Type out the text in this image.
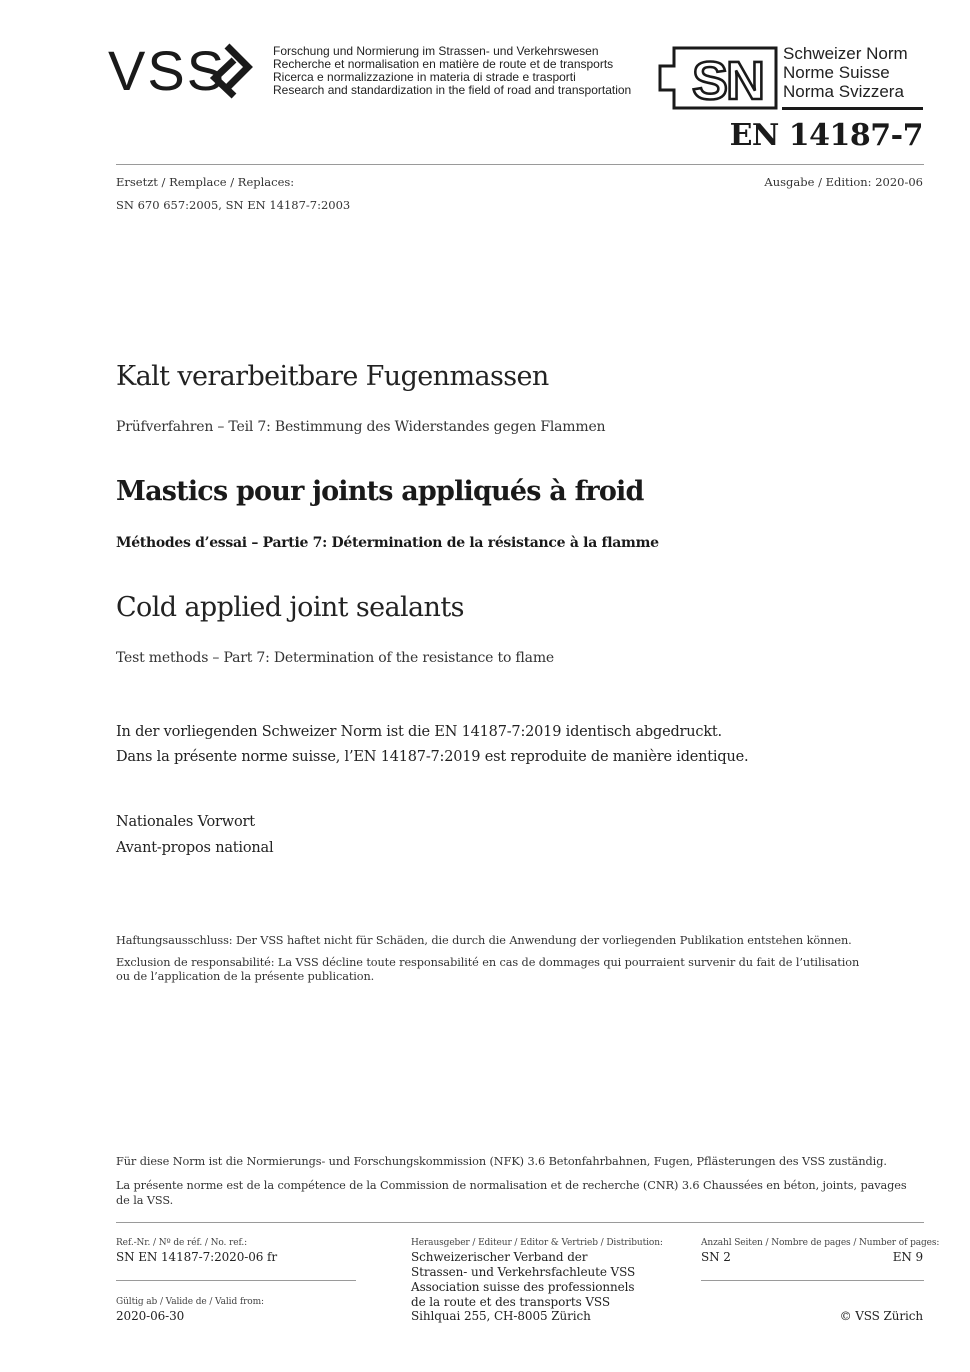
VSS	Forschung und Normierung im Strassen- und Verkehrswesen
Recherche et normalisation en matière de route et de transports
Ricerca e normalizzazione in materia di strade e trasporti
Research and standardization in the field of road and transportation SN Schweizer Norm
Norme Suisse
Norma Svizzera
EN 14187-7
Ersetzt / Remplace / Replaces:	Ausgabe / Edition: 2020-06
SN 670 657:2005, SN EN 14187-7:2003
Kalt verarbeitbare Fugenmassen
Prüfverfahren – Teil 7: Bestimmung des Widerstandes gegen Flammen
Mastics pour joints appliqués à froid
Méthodes d’essai – Partie 7: Détermination de la résistance à la flamme
Cold applied joint sealants
Test methods – Part 7: Determination of the resistance to flame
In der vorliegenden Schweizer Norm ist die EN 14187-7:2019 identisch abgedruckt.
Dans la présente norme suisse, l’EN 14187-7:2019 est reproduite de manière identique.
Nationales Vorwort
Avant-propos national
Haftungsausschluss: Der VSS haftet nicht für Schäden, die durch die Anwendung der vorliegenden Publikation entstehen können.
Exclusion de responsabilité: La VSS décline toute responsabilité en cas de dommages qui pourraient survenir du fait de l’utilisation
ou de l’application de la présente publication.
Für diese Norm ist die Normierungs- und Forschungskommission (NFK) 3.6 Betonfahrbahnen, Fugen, Pflästerungen des VSS zuständig.
La présente norme est de la compétence de la Commission de normalisation et de recherche (CNR) 3.6 Chaussées en béton, joints, pavages
de la VSS.
Ref.-Nr. / Nº de réf. / No. ref.:
SN EN 14187-7:2020-06 fr
Gültig ab / Valide de / Valid from:
2020-06-30
Herausgeber / Editeur / Editor & Vertrieb / Distribution:
Schweizerischer Verband der
Strassen- und Verkehrsfachleute VSS
Association suisse des professionnels
de la route et des transports VSS
Sihlquai 255, CH-8005 Zürich
Anzahl Seiten / Nombre de pages / Number of pages:
SN 2	EN 9
© VSS Zürich
